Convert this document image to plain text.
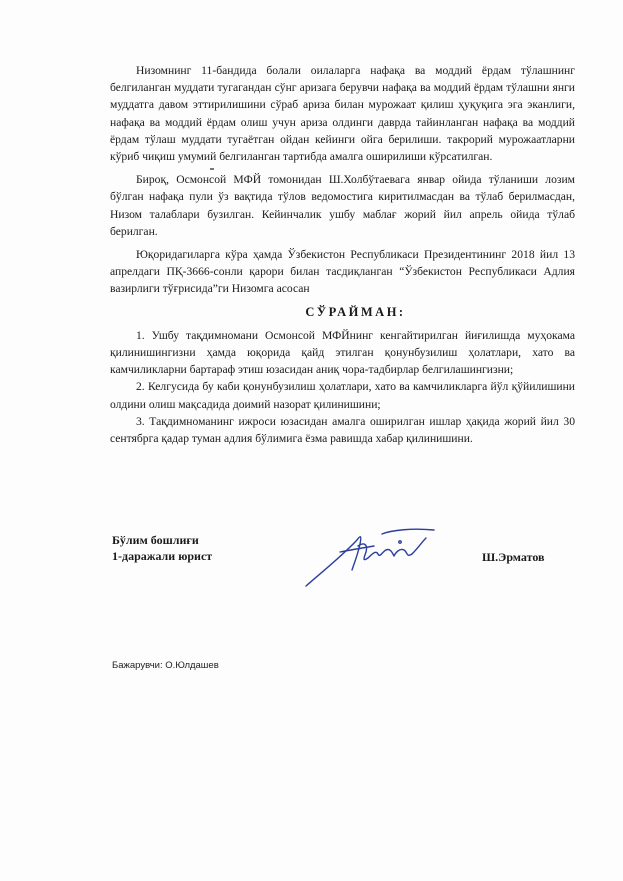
Низомнинг 11-бандида болали оилаларга нафақа ва моддий ёрдам тўлашнинг белгиланган муддати тугагандан сўнг аризага берувчи нафақа ва моддий ёрдам тўлашни янги муддатга давом эттирилишини сўраб ариза билан мурожаат қилиш ҳуқуқига эга эканлиги, нафақа ва моддий ёрдам олиш учун ариза олдинги даврда тайинланган нафақа ва моддий ёрдам тўлаш муддати тугаётган ойдан кейинги ойга берилиши. такрорий мурожаатларни кўриб чиқиш умумий белгиланган тартибда амалга оширилиши кўрсатилган.

Бироқ, Осмонсой МФЙ томонидан Ш.Холбўтаевага январ ойида тўланиши лозим бўлган нафақа пули ўз вақтида тўлов ведомостига киритилмасдан ва тўлаб берилмасдан, Низом талаблари бузилган. Кейинчалик ушбу маблағ жорий йил апрель ойида тўлаб берилган.

Юқоридагиларга кўра ҳамда Ўзбекистон Республикаси Президентининг 2018 йил 13 апрелдаги ПҚ-3666-сонли қарори билан тасдиқланган “Ўзбекистон Республикаси Адлия вазирлиги тўғрисида”ги Низомга асосан

СЎРАЙМАН:

1. Ушбу тақдимномани Осмонсой МФЙнинг кенгайтирилган йиғилишда муҳокама қилинишингизни ҳамда юқорида қайд этилган қонунбузилиш ҳолатлари, хато ва камчиликларни бартараф этиш юзасидан аниқ чора-тадбирлар белгилашингизни;

2. Келгусида бу каби қонунбузилиш ҳолатлари, хато ва камчиликларга йўл қўйилишини олдини олиш мақсадида доимий назорат қилинишини;

3. Тақдимноманинг ижроси юзасидан амалга оширилган ишлар ҳақида жорий йил 30 сентябрга қадар туман адлия бўлимига ёзма равишда хабар қилинишини.

Бўлим бошлиғи
1-даражали юрист	Ш.Эрматов
Бажарувчи: О.Юлдашев
